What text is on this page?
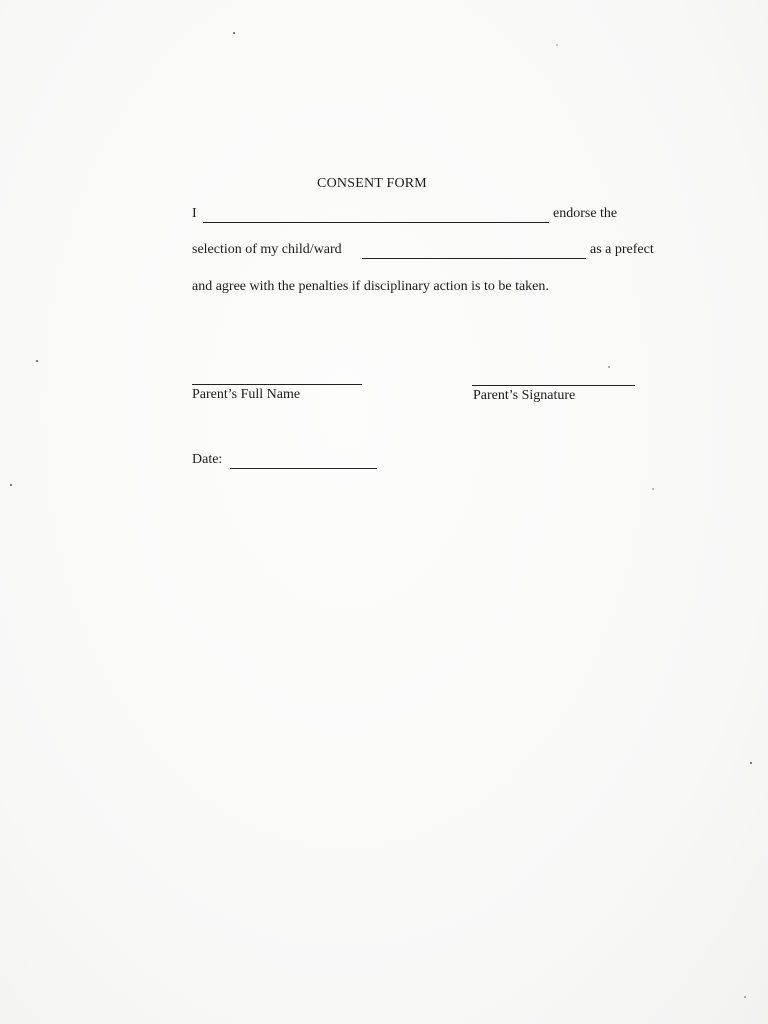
CONSENT FORM
I	endorse the
selection of my child/ward	as a prefect
and agree with the penalties if disciplinary action is to be taken.
Parent’s Full Name	Parent’s Signature
Date:
